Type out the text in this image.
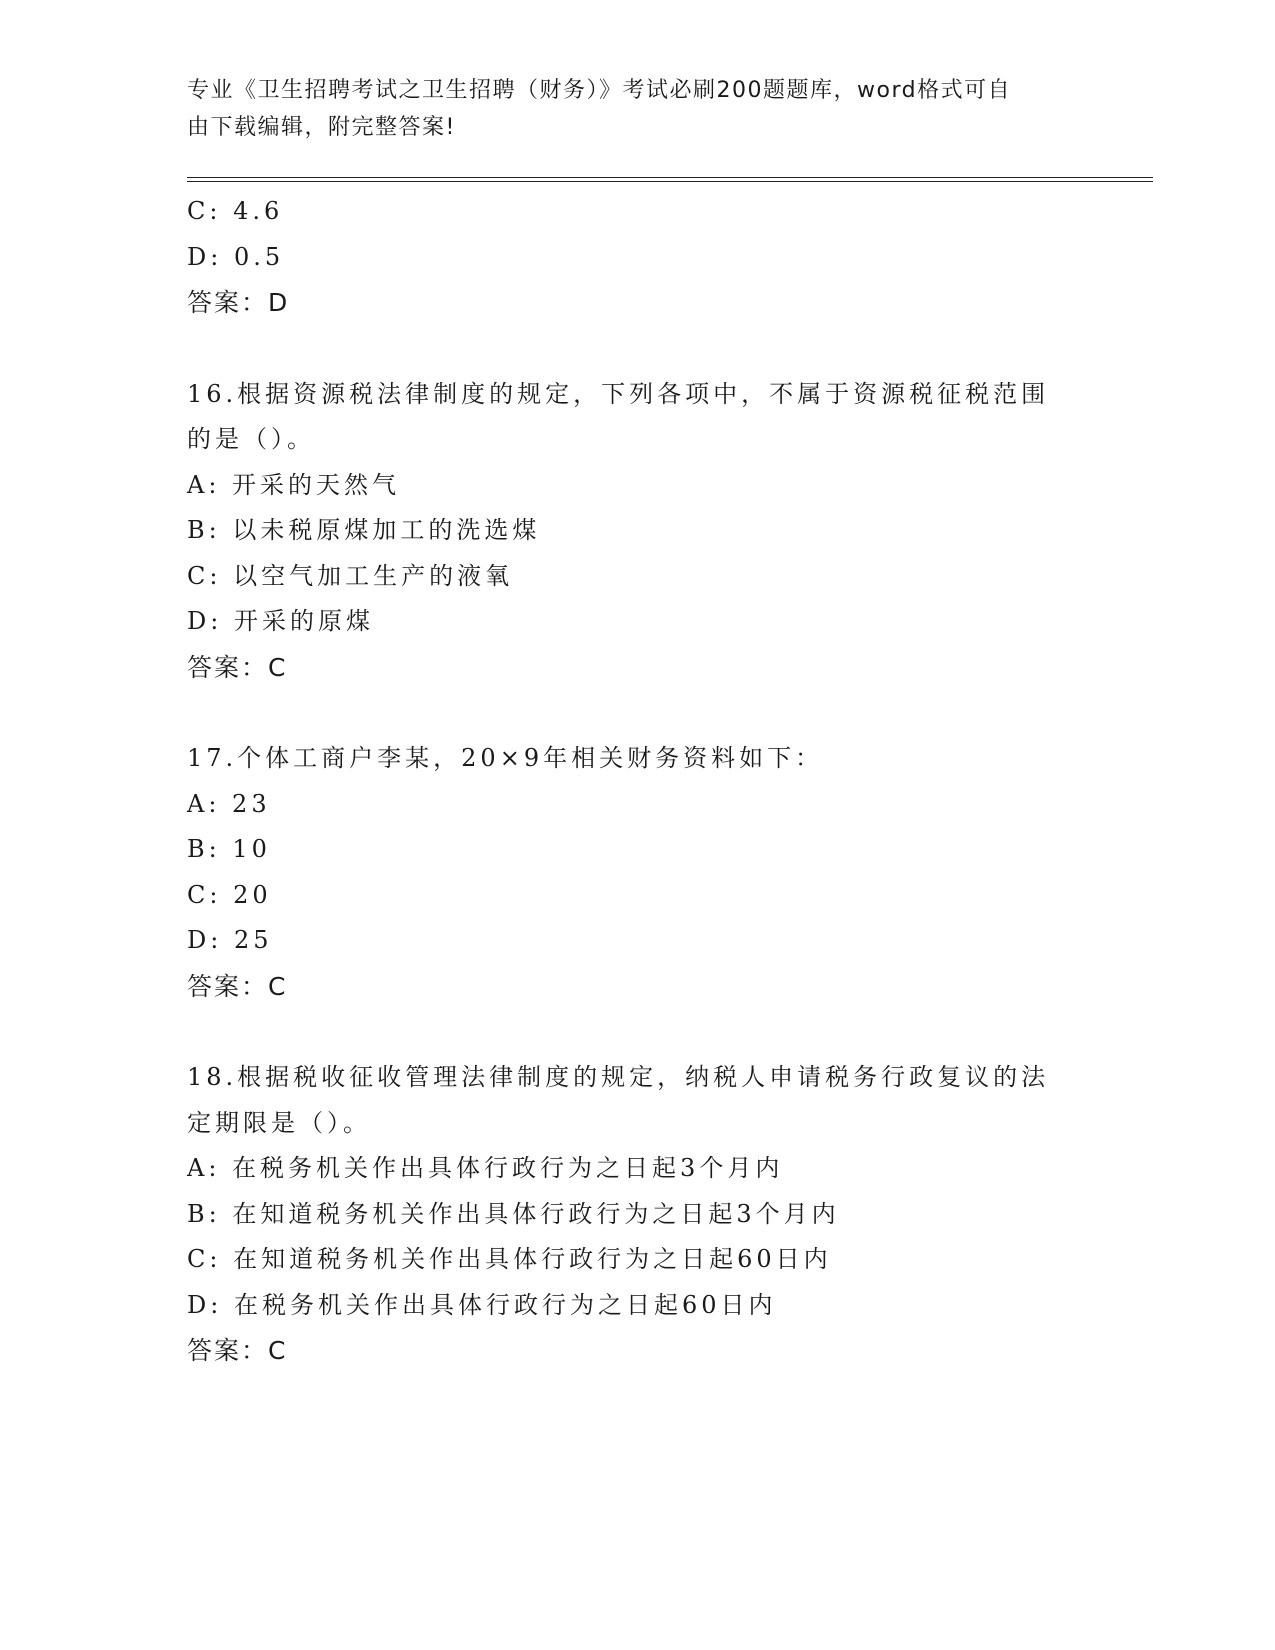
专业《卫生招聘考试之卫生招聘（财务）》考试必刷200题题库，word格式可自
由下载编辑，附完整答案!
C: 4.6
D: 0.5
答案：D
16.根据资源税法律制度的规定，下列各项中，不属于资源税征税范围
的是（）。
A: 开采的天然气
B: 以未税原煤加工的洗选煤
C: 以空气加工生产的液氧
D: 开采的原煤
答案：C
17.个体工商户李某，20×9年相关财务资料如下：
A: 23
B: 10
C: 20
D: 25
答案：C
18.根据税收征收管理法律制度的规定，纳税人申请税务行政复议的法
定期限是（）。
A: 在税务机关作出具体行政行为之日起3个月内
B: 在知道税务机关作出具体行政行为之日起3个月内
C: 在知道税务机关作出具体行政行为之日起60日内
D: 在税务机关作出具体行政行为之日起60日内
答案：C
